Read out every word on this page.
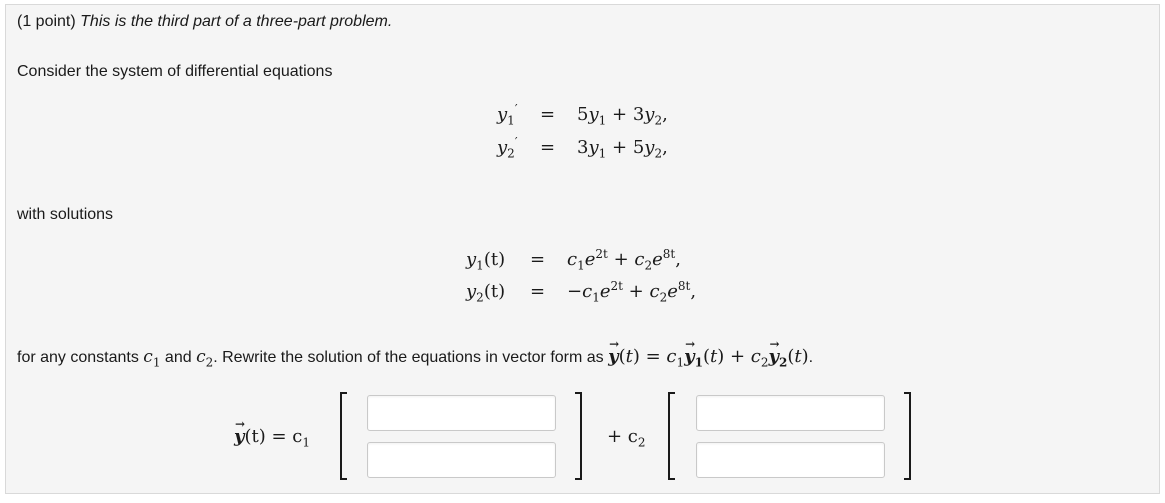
(1 point) This is the third part of a three-part problem.
Consider the system of differential equations
$y_1' = 5y_1 + 3y_2$,
$y_2' = 3y_1 + 5y_2$,
with solutions
$y_1(t) = c_1e^{2t} + c_2e^{8t}$,
$y_2(t) = -c_1e^{2t} + c_2e^{8t}$,
for any constants $c_1$ and $c_2$. Rewrite the solution of the equations in vector form as → $y(t) = c_1\to y_1(t) + c_2\to y_2(t)$.
→ $y(t) = c_1$	+ $c_2$
